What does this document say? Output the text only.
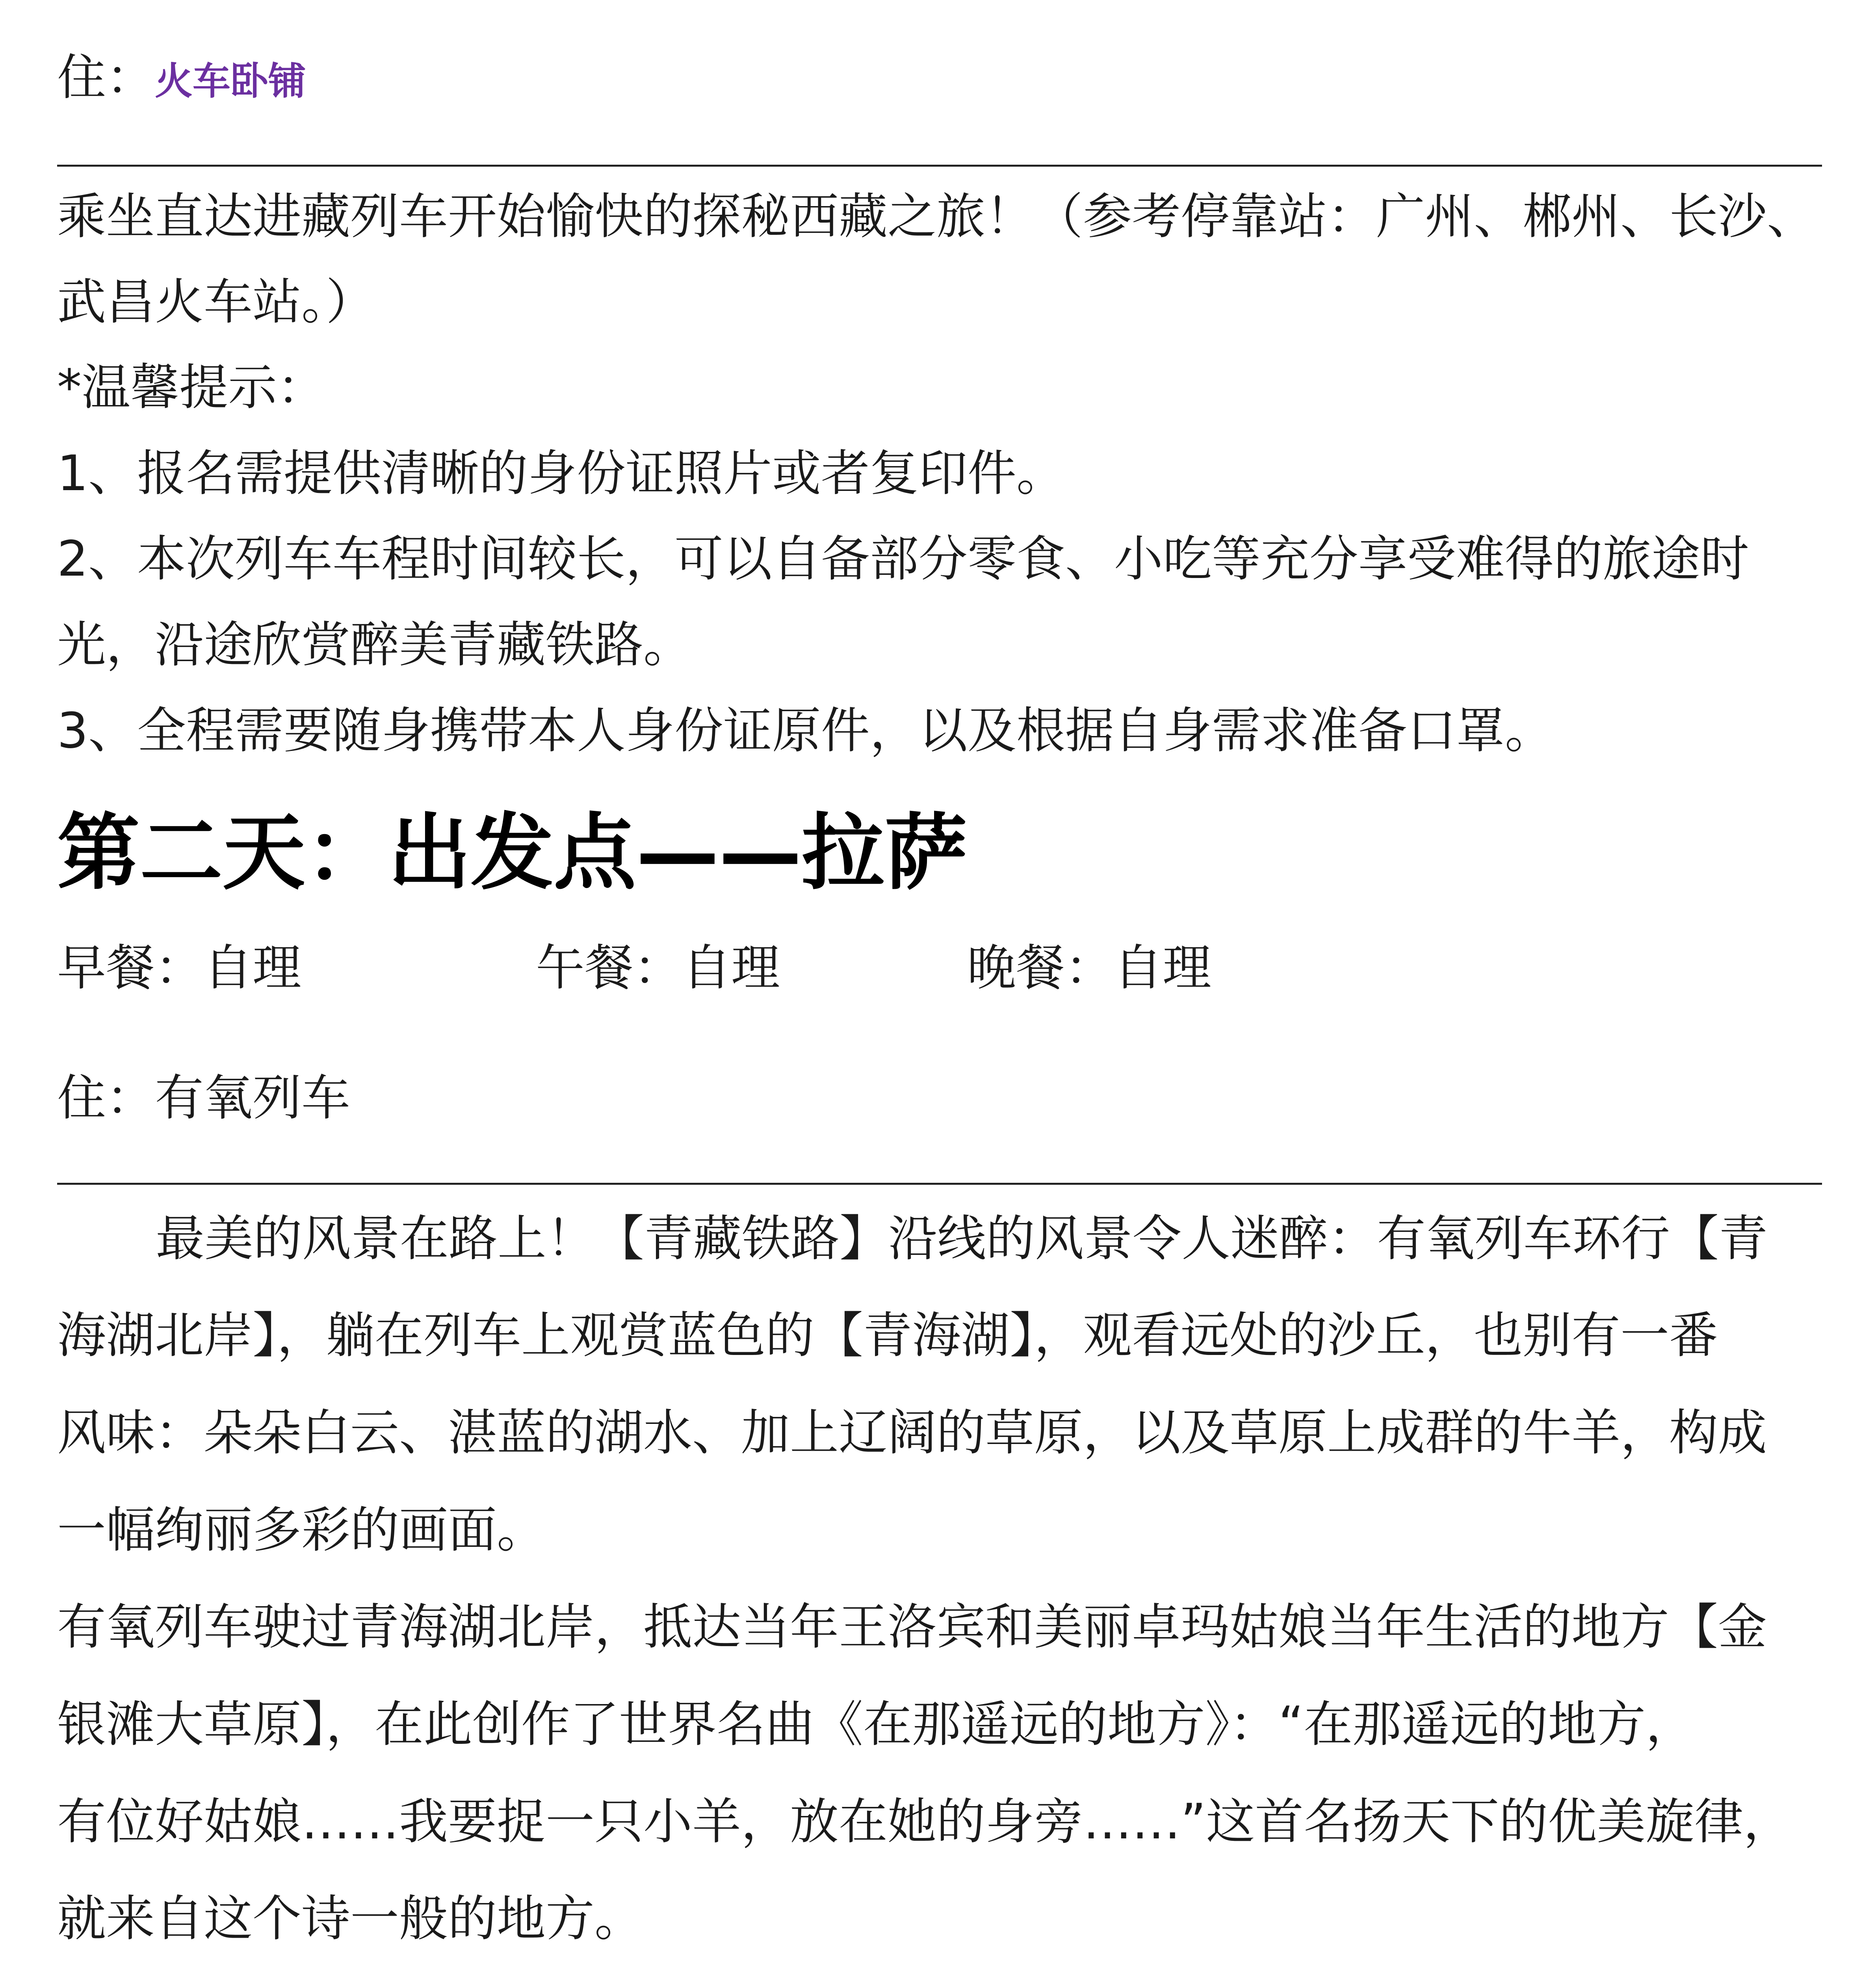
住：火车卧铺
乘坐直达进藏列车开始愉快的探秘西藏之旅！（参考停靠站：广州、郴州、长沙、
武昌火车站。）
*温馨提示：
1、报名需提供清晰的身份证照片或者复印件。
2、本次列车车程时间较长，可以自备部分零食、小吃等充分享受难得的旅途时
光，沿途欣赏醉美青藏铁路。
3、全程需要随身携带本人身份证原件，以及根据自身需求准备口罩。
第二天：出发点——拉萨
早餐：自理	午餐：自理	晚餐：自理
住：有氧列车
最美的风景在路上！【青藏铁路】沿线的风景令人迷醉：有氧列车环行【青
海湖北岸】，躺在列车上观赏蓝色的【青海湖】，观看远处的沙丘，也别有一番
风味：朵朵白云、湛蓝的湖水、加上辽阔的草原，以及草原上成群的牛羊，构成
一幅绚丽多彩的画面。
有氧列车驶过青海湖北岸，抵达当年王洛宾和美丽卓玛姑娘当年生活的地方【金
银滩大草原】，在此创作了世界名曲《在那遥远的地方》：“在那遥远的地方，
有位好姑娘……我要捉一只小羊，放在她的身旁……”这首名扬天下的优美旋律，
就来自这个诗一般的地方。
